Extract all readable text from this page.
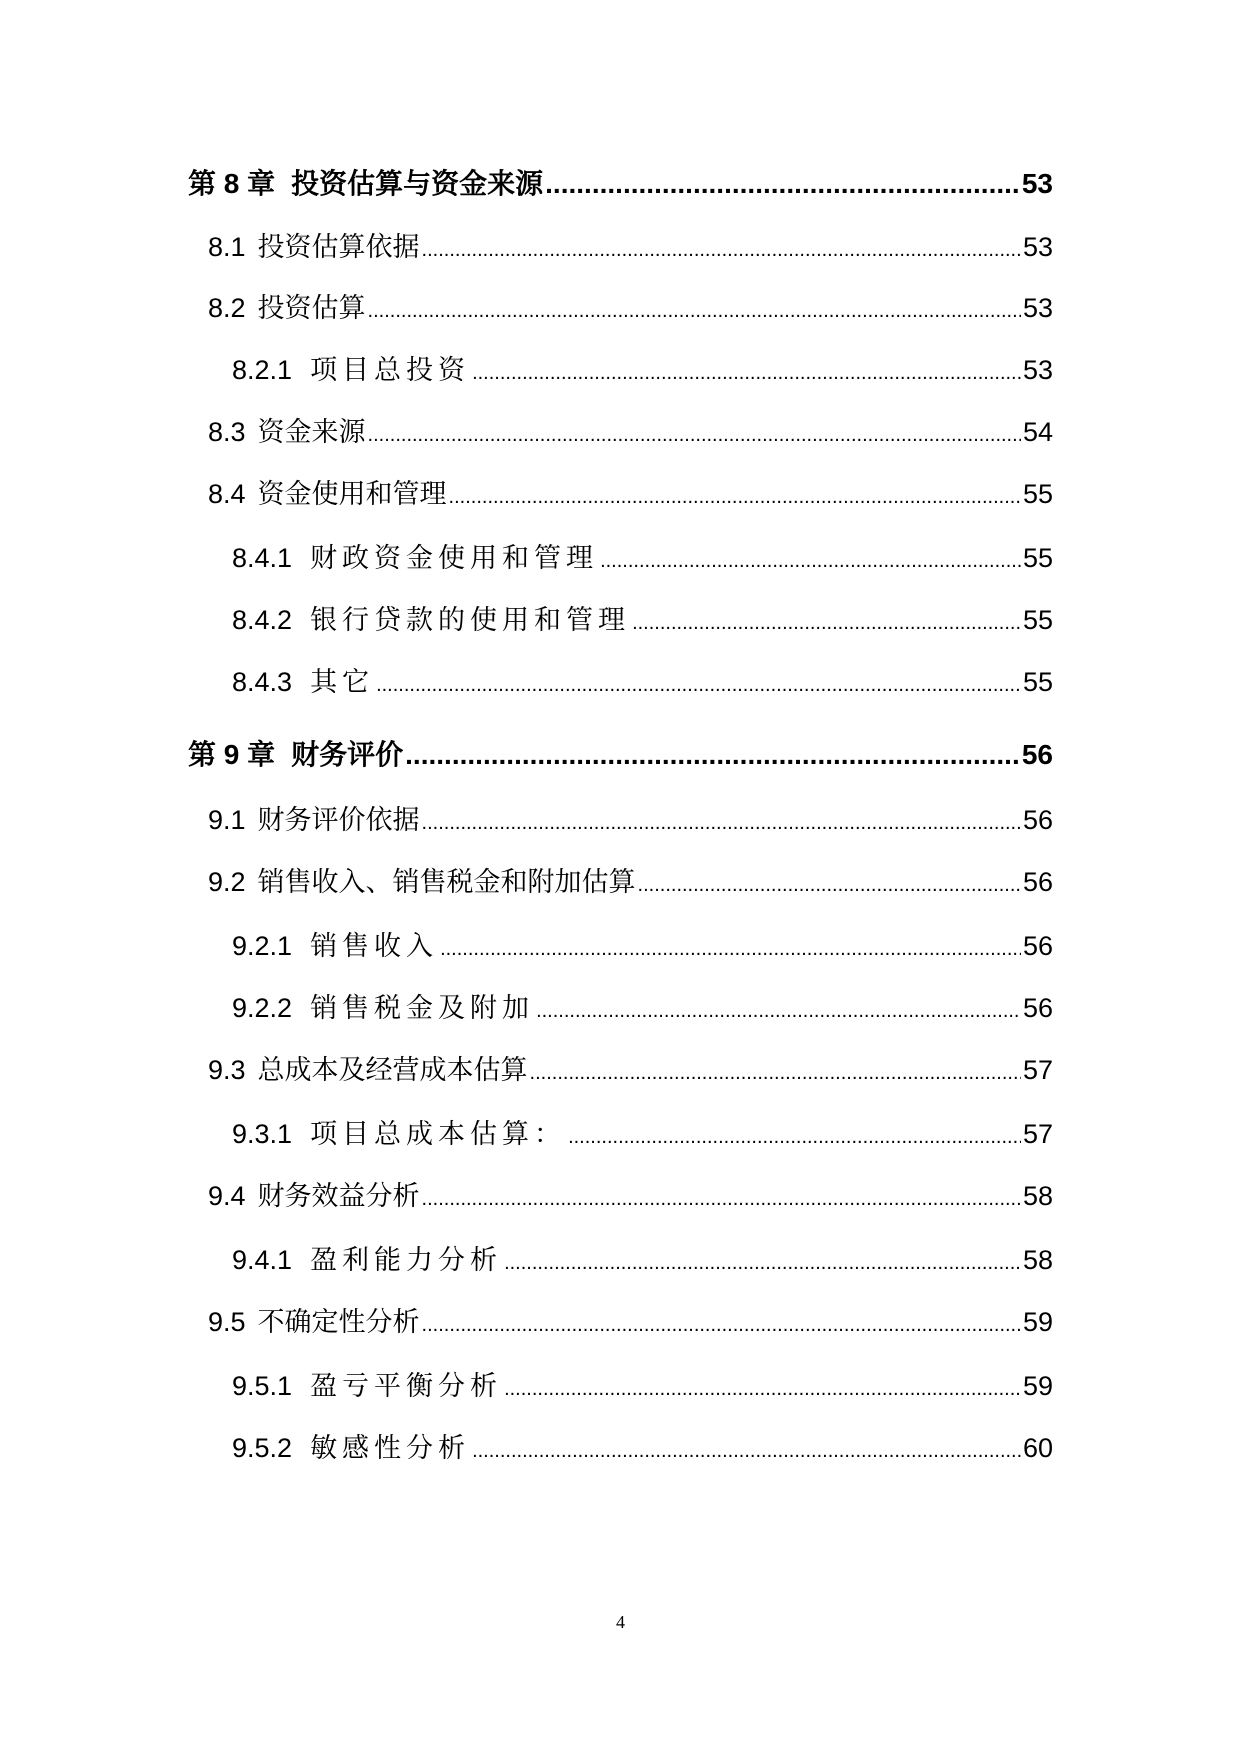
第 8 章 投资估算与资金来源 .....	53
8.1 投资估算依据 .....	53
8.2 投资估算 .....	53
8.2.1 项目总投资 .....	53
8.3 资金来源 .....	54
8.4 资金使用和管理 .....	55
8.4.1 财政资金使用和管理 .....	55
8.4.2 银行贷款的使用和管理 .....	55
8.4.3 其它 .....	55
第 9 章 财务评价 .....	56
9.1 财务评价依据 .....	56
9.2 销售收入、销售税金和附加估算 .....	56
9.2.1 销售收入 .....	56
9.2.2 销售税金及附加 .....	56
9.3 总成本及经营成本估算 .....	57
9.3.1 项目总成本估算： .....	57
9.4 财务效益分析 .....	58
9.4.1 盈利能力分析 .....	58
9.5 不确定性分析 .....	59
9.5.1 盈亏平衡分析 .....	59
9.5.2 敏感性分析 .....	60
4
